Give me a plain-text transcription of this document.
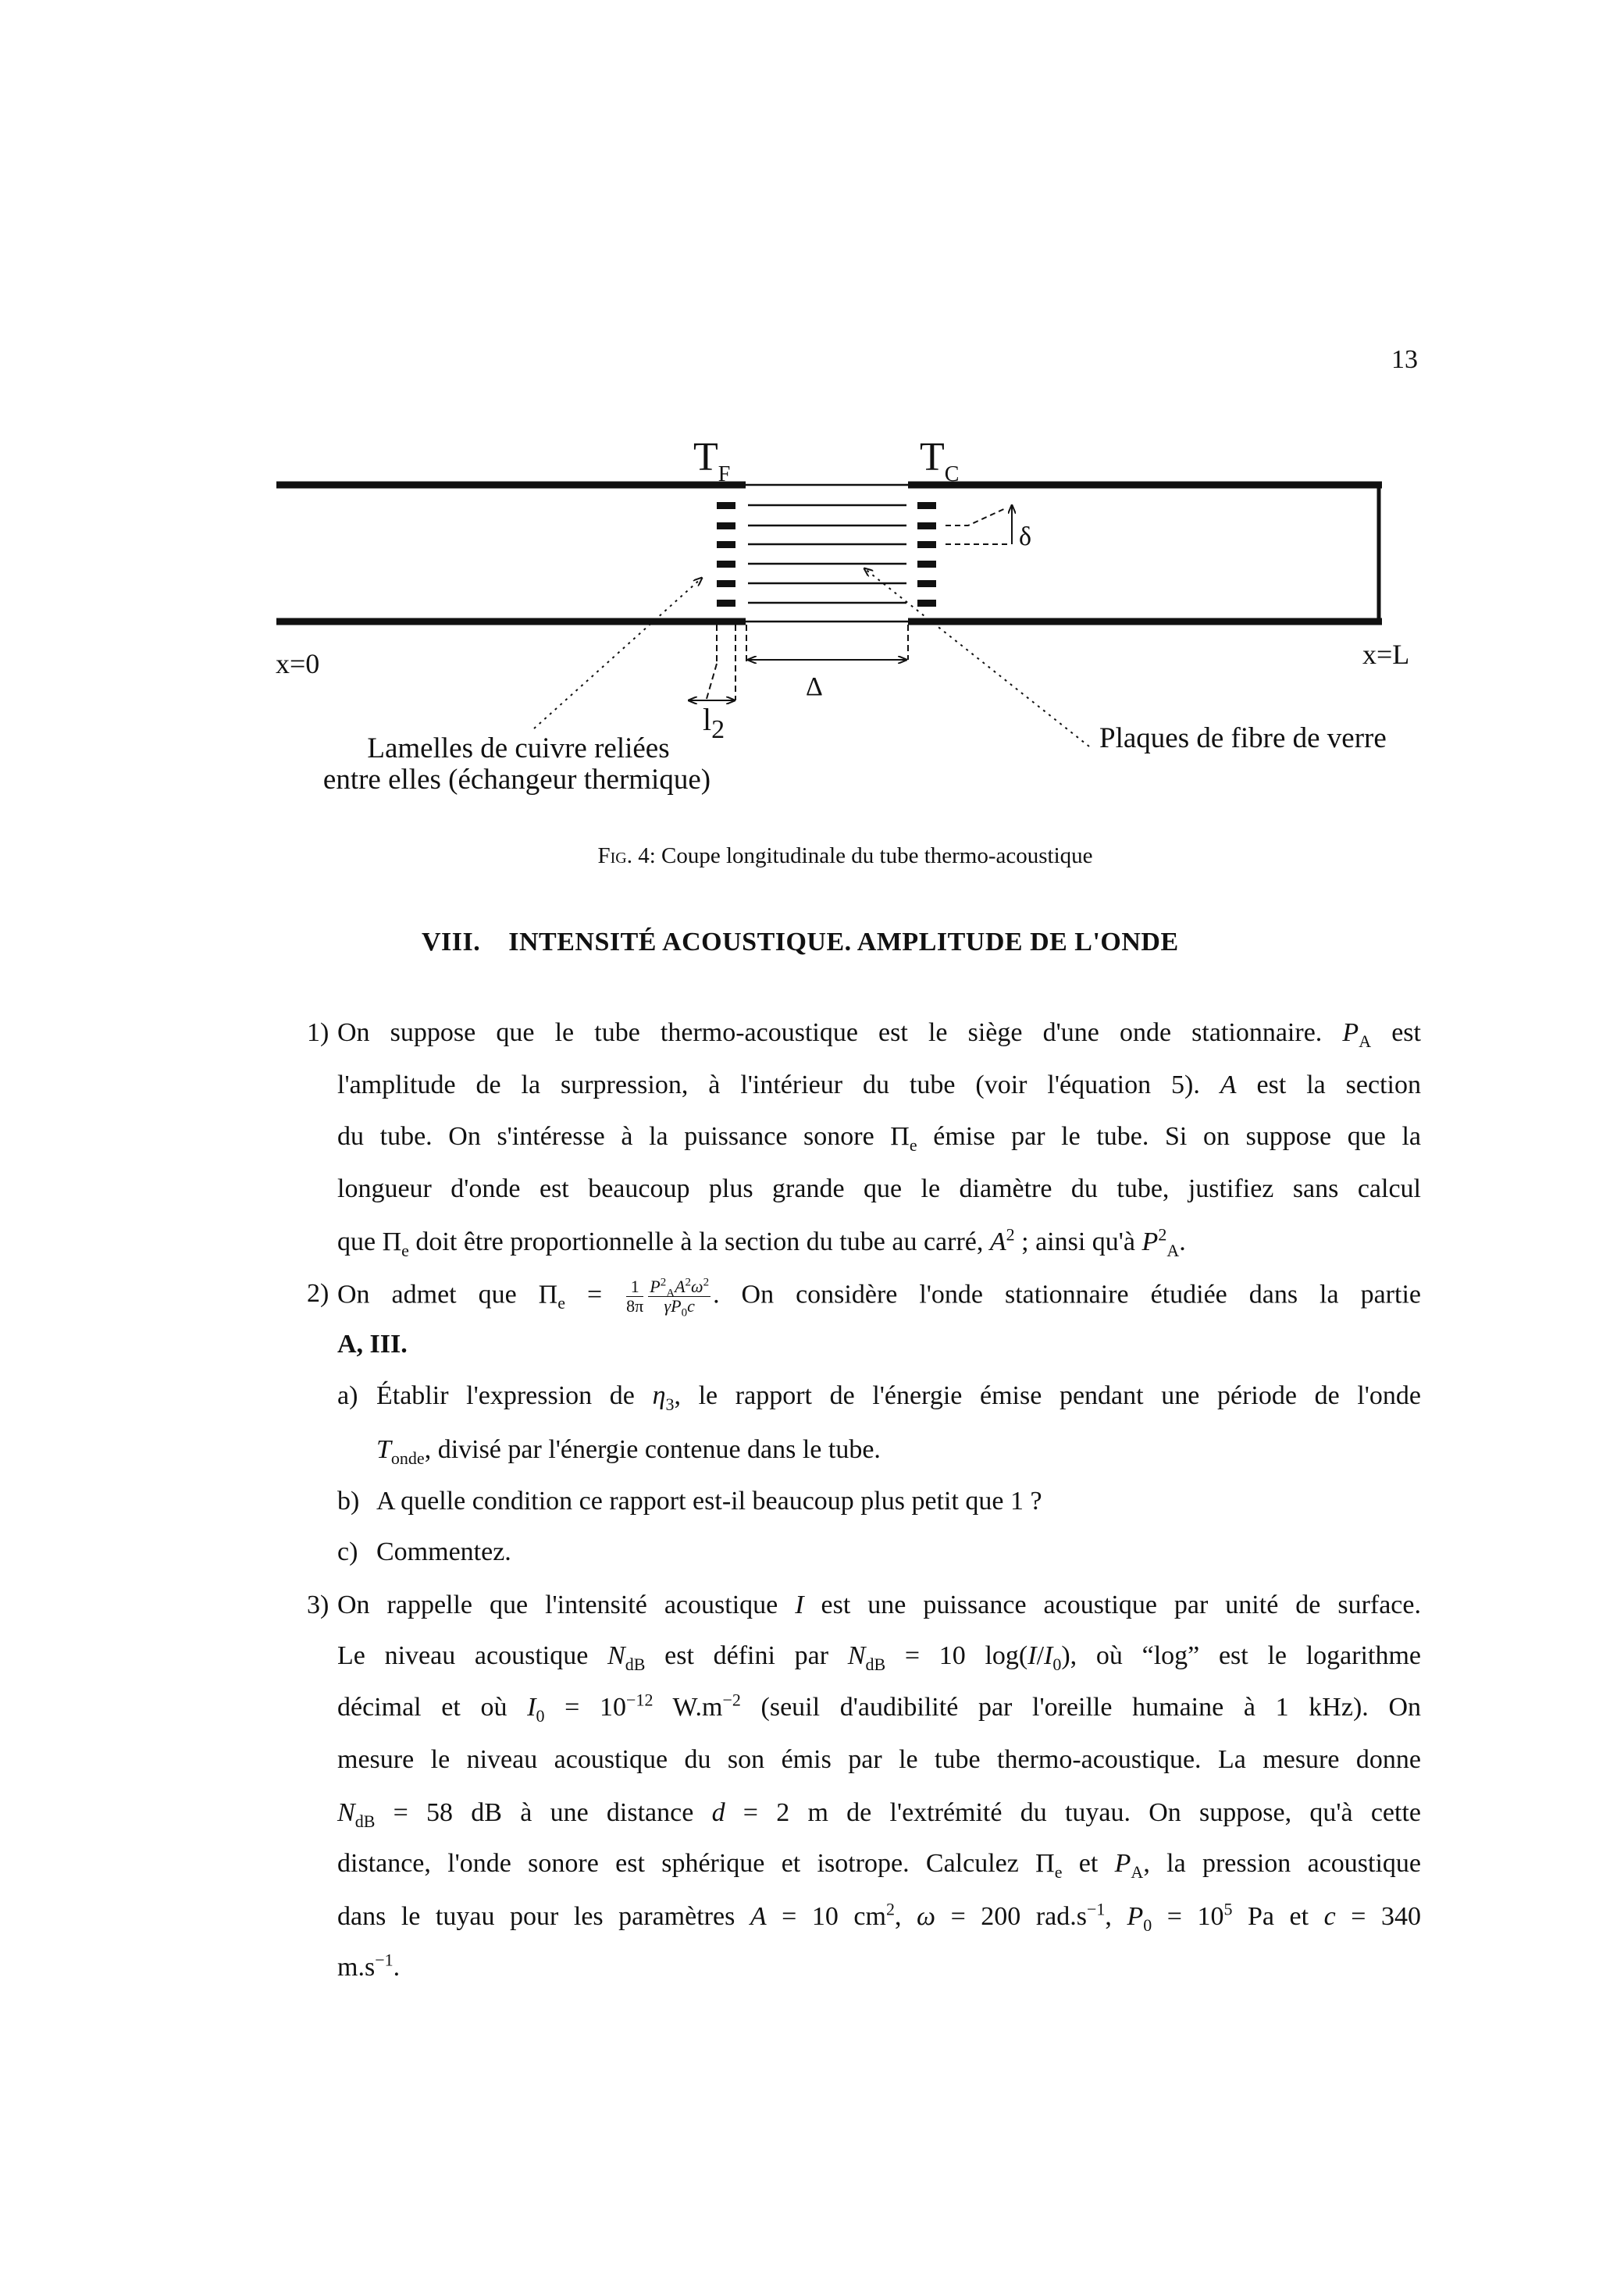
13
$T_F$	$T_C$
δ
Δ
$l_2$
x=0	x=L
Lamelles de cuivre reliées
entre elles (échangeur thermique)
Plaques de fibre de verre
Fig. 4: Coupe longitudinale du tube thermo-acoustique
VIII.    INTENSITÉ ACOUSTIQUE. AMPLITUDE DE L'ONDE
1) On suppose que le tube thermo-acoustique est le siège d'une onde stationnaire. $P_A$ est
l'amplitude de la surpression, à l'intérieur du tube (voir l'équation 5). A est la section
du tube. On s'intéresse à la puissance sonore $\Pi_e$ émise par le tube. Si on suppose que la
longueur d'onde est beaucoup plus grande que le diamètre du tube, justifiez sans calcul
que $\Pi_e$ doit être proportionnelle à la section du tube au carré, $A^2$ ; ainsi qu'à $P^2_A$.
2) On admet que $\Pi_e = \frac{1}{8\pi} \frac{P^2_AA^2\omega^2}{\gamma P_0c}$ . On considère l'onde stationnaire étudiée dans la partie
A, III.
a) Établir l'expression de $\eta_3$, le rapport de l'énergie émise pendant une période de l'onde
$T_{onde}$, divisé par l'énergie contenue dans le tube.
b) A quelle condition ce rapport est-il beaucoup plus petit que 1 ?
c) Commentez.
3) On rappelle que l'intensité acoustique I est une puissance acoustique par unité de surface.
Le niveau acoustique $N_{dB}$ est défini par $N_{dB} = 10$ $\log(I/I_0)$, où “log” est le logarithme
décimal et où $I_0 = 10^{-12}$ $W.m^{-2}$ (seuil d'audibilité par l'oreille humaine à 1 kHz). On
mesure le niveau acoustique du son émis par le tube thermo-acoustique. La mesure donne
$N_{dB} = 58$ dB à une distance d = 2 m de l'extrémité du tuyau. On suppose, qu'à cette
distance, l'onde sonore est sphérique et isotrope. Calculez $\Pi_e$ et $P_A$, la pression acoustique
dans le tuyau pour les paramètres A = 10 $cm^2$, ω = 200 $rad.s^{-1}$, $P_0 = 10^5$ Pa et c = 340
$m.s^{-1}$.
